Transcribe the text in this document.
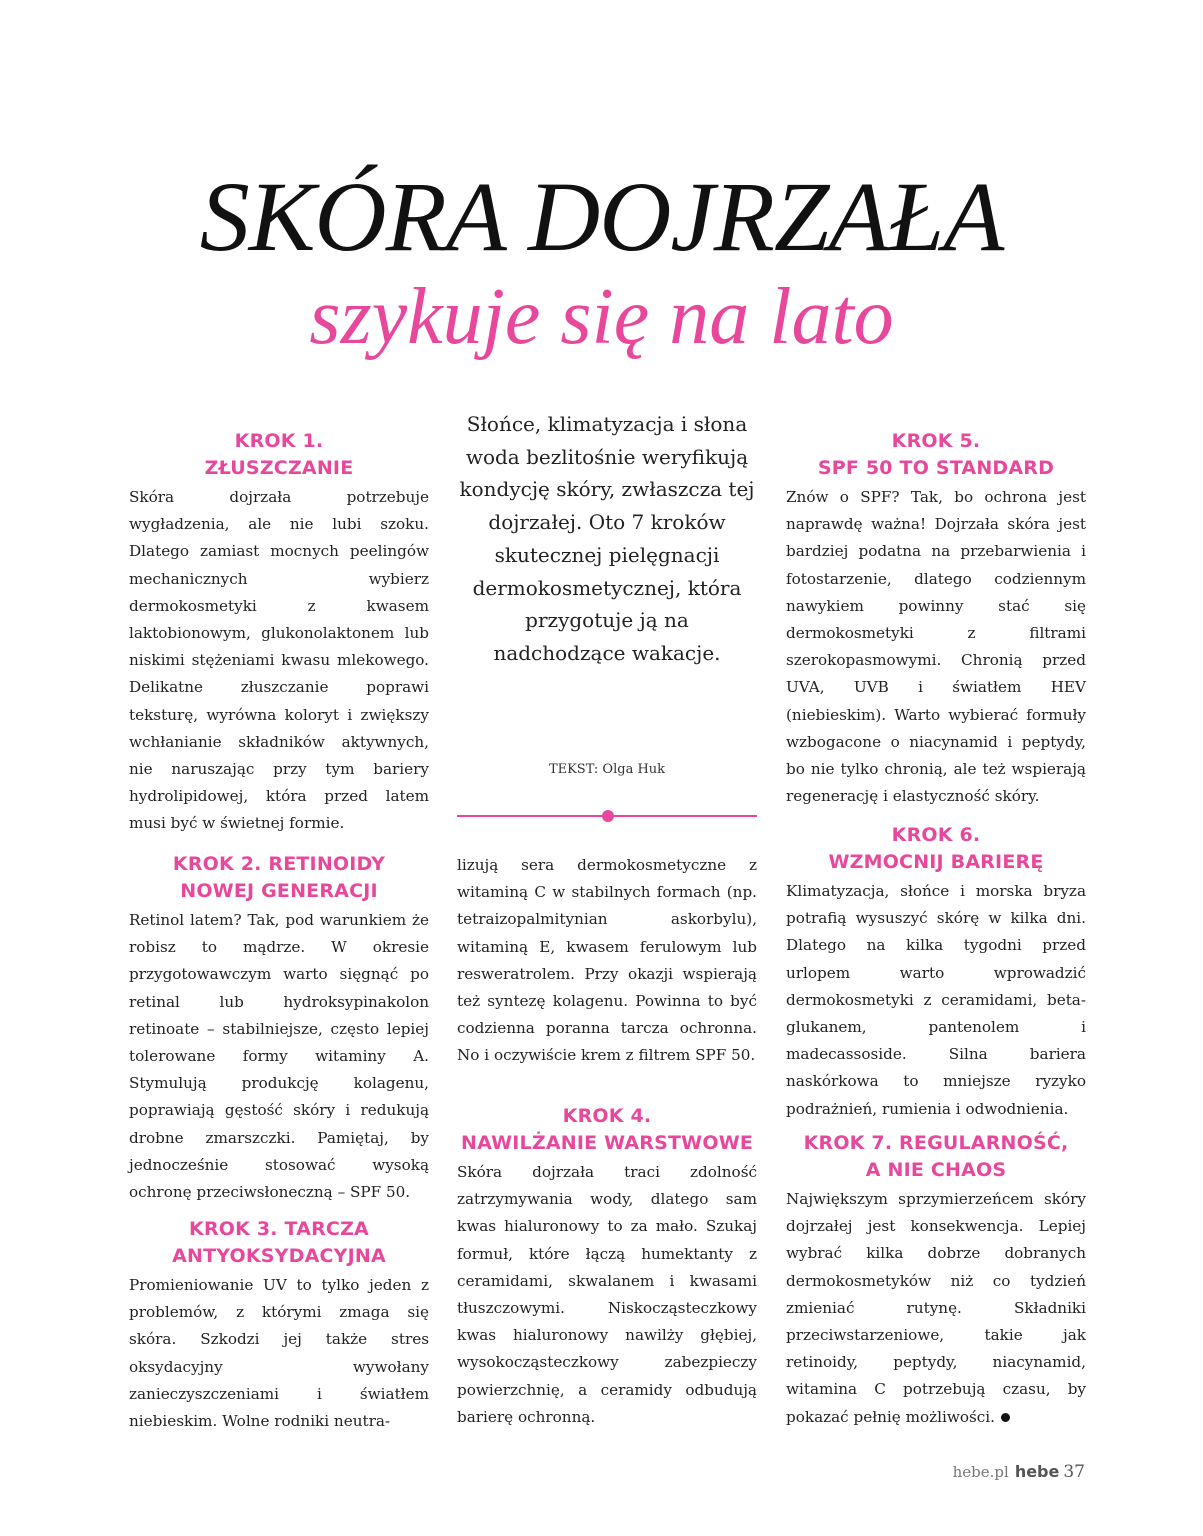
SKÓRA DOJRZAŁA
szykuje się na lato
KROK 1.
ZŁUSZCZANIE

Skóra dojrzała potrzebuje wygładzenia, ale nie lubi szoku. Dlatego zamiast mocnych peelingów mechanicznych wybierz dermokosmetyki z kwasem laktobionowym, glukonolaktonem lub niskimi stężeniami kwasu mlekowego. Delikatne złuszczanie poprawi teksturę, wyrówna koloryt i zwiększy wchłanianie składników aktywnych, nie naruszając przy tym bariery hydrolipidowej, która przed latem musi być w świetnej formie.

KROK 2. RETINOIDY
NOWEJ GENERACJI

Retinol latem? Tak, pod warunkiem że robisz to mądrze. W okresie przygotowawczym warto sięgnąć po retinal lub hydroksypinakolon retinoate – stabilniejsze, często lepiej tolerowane formy witaminy A. Stymulują produkcję kolagenu, poprawiają gęstość skóry i redukują drobne zmarszczki. Pamiętaj, by jednocześnie stosować wysoką ochronę przeciwsłoneczną – SPF 50.

KROK 3. TARCZA
ANTYOKSYDACYJNA

Promieniowanie UV to tylko jeden z problemów, z którymi zmaga się skóra. Szkodzi jej także stres oksydacyjny wywołany zanieczyszczeniami i światłem niebieskim. Wolne rodniki neutra-

Słońce, klimatyzacja i słona woda bezlitośnie weryfikują kondycję skóry, zwłaszcza tej dojrzałej. Oto 7 kroków skutecznej pielęgnacji dermokosmetycznej, która przygotuje ją na nadchodzące wakacje.

TEKST: Olga Huk

lizują sera dermokosmetyczne z witaminą C w stabilnych formach (np. tetraizopalmitynian askorbylu), witaminą E, kwasem ferulowym lub resweratrolem. Przy okazji wspierają też syntezę kolagenu. Powinna to być codzienna poranna tarcza ochronna. No i oczywiście krem z filtrem SPF 50.

KROK 4.
NAWILŻANIE WARSTWOWE

Skóra dojrzała traci zdolność zatrzymywania wody, dlatego sam kwas hialuronowy to za mało. Szukaj formuł, które łączą humektanty z ceramidami, skwalanem i kwasami tłuszczowymi. Niskocząsteczkowy kwas hialuronowy nawilży głębiej, wysokocząsteczkowy zabezpieczy powierzchnię, a ceramidy odbudują barierę ochronną.

KROK 5.
SPF 50 TO STANDARD

Znów o SPF? Tak, bo ochrona jest naprawdę ważna! Dojrzała skóra jest bardziej podatna na przebarwienia i fotostarzenie, dlatego codziennym nawykiem powinny stać się dermokosmetyki z filtrami szerokopasmowymi. Chronią przed UVA, UVB i światłem HEV (niebieskim). Warto wybierać formuły wzbogacone o niacynamid i peptydy, bo nie tylko chronią, ale też wspierają regenerację i elastyczność skóry.

KROK 6.
WZMOCNIJ BARIERĘ

Klimatyzacja, słońce i morska bryza potrafią wysuszyć skórę w kilka dni. Dlatego na kilka tygodni przed urlopem warto wprowadzić dermokosmetyki z ceramidami, beta-glukanem, pantenolem i madecassoside. Silna bariera naskórkowa to mniejsze ryzyko podrażnień, rumienia i odwodnienia.

KROK 7. REGULARNOŚĆ,
A NIE CHAOS

Największym sprzymierzeńcem skóry dojrzałej jest konsekwencja. Lepiej wybrać kilka dobrze dobranych dermokosmetyków niż co tydzień zmieniać rutynę. Składniki przeciwstarzeniowe, takie jak retinoidy, peptydy, niacynamid, witamina C potrzebują czasu, by pokazać pełnię możliwości.

hebe.pl hebe 37
